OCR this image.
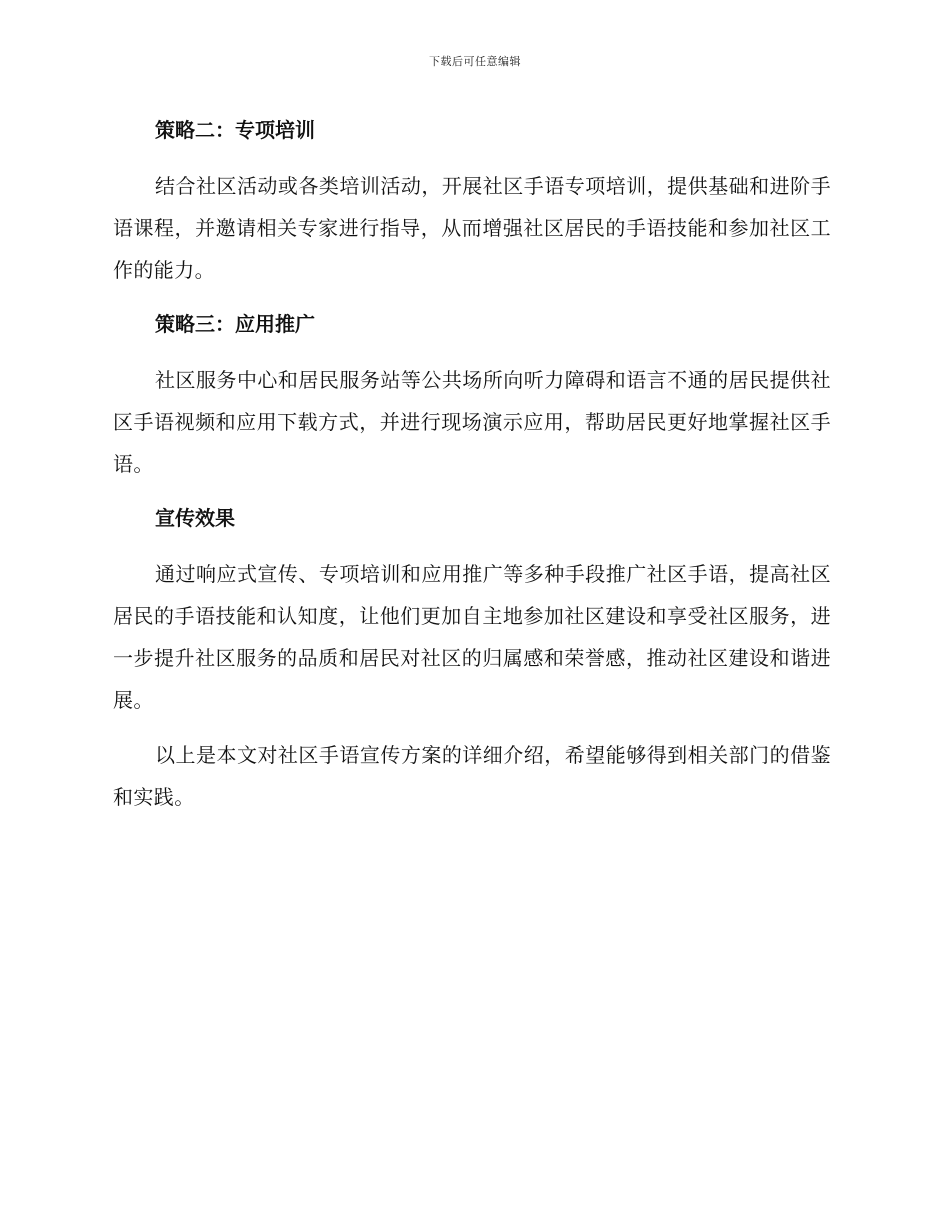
下载后可任意编辑
策略二：专项培训

结合社区活动或各类培训活动，开展社区手语专项培训，提供基础和进阶手语课程，并邀请相关专家进行指导，从而增强社区居民的手语技能和参加社区工作的能力。

策略三：应用推广

社区服务中心和居民服务站等公共场所向听力障碍和语言不通的居民提供社区手语视频和应用下载方式，并进行现场演示应用，帮助居民更好地掌握社区手语。

宣传效果

通过响应式宣传、专项培训和应用推广等多种手段推广社区手语，提高社区居民的手语技能和认知度，让他们更加自主地参加社区建设和享受社区服务，进一步提升社区服务的品质和居民对社区的归属感和荣誉感，推动社区建设和谐进展。

以上是本文对社区手语宣传方案的详细介绍，希望能够得到相关部门的借鉴和实践。
